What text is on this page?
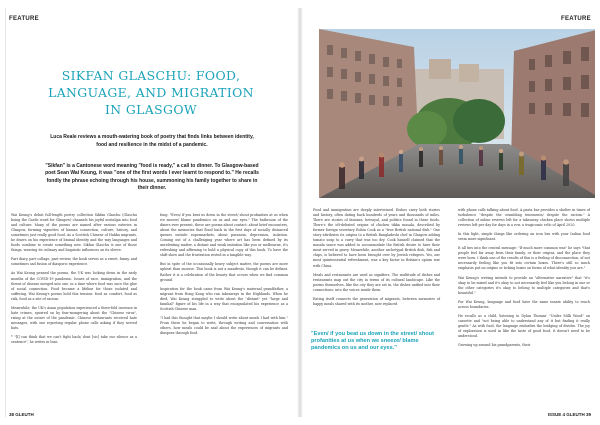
FEATURE
SIKFAN GLASCHU: FOOD,
LANGUAGE, AND MIGRATION
IN GLASGOW
Luca Reale reviews a mouth-watering book of poetry that finds links between identity, food and resilience in the midst of a pandemic.
"Sikfan" is a Cantonese word meaning "food is ready," a call to dinner. To Glasgow-based poet Sean Wai Keung, it was "one of the first words I ever learnt to respond to." He recalls fondly the phrase echoing through his house, summoning his family together to share in their dinner.

Wai Keung's debut full-length poetry collection Sikfan Glaschu (Glaschu being the Gaelic word for Glasgow) channels his joyful nostalgia into food and culture. Many of the poems are named after various eateries in Glasgow, forming vignettes of human connection, culture, history, and sometimes just really good food. As a Scottish Chinese of Hakka migrants, he draws on his experience of liminal identity and the way languages and foods combine to create something new. Sikfan Glaschu is one of those things, weaving its culinary and linguistic influences on its sleeve.

Part diary, part collage, part review, the book serves as a sweet, funny, and sometimes sad fusion of diasporic experience.

As Wai Keung penned the poems, the UK was locking down in the early months of the COVID-19 pandemic. Issues of race, immigration, and the threat of disease merged into one, in a time where food was once the glue of social connection. Food became a lifeline for those isolated and suffering. Wai Keung's poems hold this tension: food as comfort, food as risk, food as a site of racism.

Meanwhile, the UK's Asian population experienced a three-fold increase in hate crimes, spurred on by fear-mongering about the "Chinese virus", rising at the outset of the pandemic. Chinese restaurants received hate messages, with one reporting regular phone calls asking if they served bats.

* "[I] can think that we can't fight back/ dont [sic] take our silence as a sentence", he writes in lean

fong. "Even/ if you beat us down in the street/ shout profanities at us when we sneeze/ blame pandemics on us and our eyes." The bathroom of the diners ever present, these are poems about contact: about brief encounters, about the memories that flood back in the first days of socially distanced queues outside supermarkets, about paranoia, depression, isolation. Coming out of a challenging year where art has been defined by its unrelenting matter, a distant and weak imitation like you or melbourne, it's refreshing and affirming to hold a physical copy of this book. To have the shift show and the frustration rested in a tangible way.

But in spite of the occasionally heavy subject matter, the poems are more upbeat than morose. This book is not a manifesto, though it can be defiant. Rather it is a celebration of the beauty that occurs when we find common ground.

Inspiration for the book came from Wai Keung's maternal grandfather, a migrant from Hong Kong who ran takeaways in the Highlands. When he died, Wai Keung struggled to write about the "distant" yet "large and familial" figure of his life in a way that encapsulated his experience as a Scottish Chinese man.

"I had this thought that maybe I should write about meals I had with him." From there he began to write, through writing and conversation with others, how meals could be said about the experiences of migrants and diaspora through food.

38 GLEUTH
FEATURE

Food and immigration are deeply intertwined. Dishes carry both stories and history, often dating back hundreds of years and thousands of miles. There are stories of famines, betrayal, and politics found in these foods. There's the oft-debated origins of chicken tikka masala, described by former foreign secretary Robin Cook as a "true British national dish." One story attributes its origins to a British Bangladeshi chef in Glasgow adding tomato soup to a curry that was too dry. Cook himself claimed that the masala sauce was added to accommodate the British desire to have their meat served in gravy. Meanwhile, another archetypal British dish, fish and chips, is believed to have been brought over by Jewish refugees. Yes, our most quintessential refreshment, was a key factor in Britain's opium war with China.

Meals and restaurants are used as signifiers. The multitude of dishes and restaurants map out the city in terms of its cultural landscape. Like the poems themselves, like the city they are set in, the dishes unified into their connections: into the voices inside them.

Eating itself connects the generation of migrants, between memories of happy meals shared with its mother, now replaced

"Even/ if you beat us down in the street/ shout profanities at us when we sneeze/ blame pandemics on us and our eyes."

with phone calls talking about food. A pasta bar provides a shelter in times of turbulence "despite the crumbling tenements/ despite the racism." A collection of online reviews left for a takeaway chicken place shows multiple reviews left per day for days in a row, a tragicomic relic of April 2020.

In this light, simple things like ordering an iron bru with your Indian food seem more significant.

It all ties into the central message: "If much more common was" he says "that people feel far away from their family, or their origins, and the place they were born. I think one of the results of this is a feeling of disconnection, of not necessarily feeling like you fit into certain boxes. There's still so much emphasis put on origins or ticking boxes on forms of what identity you are."

Wai Keung's writing intends to provide an "alternative narrative" that "it's okay to be mixed and it's okay to not necessarily feel like you belong in one or the other categories it's okay to belong to multiple categories and that's beautiful."

For Wai Keung, language and food have the same innate ability to reach across boundaries.

He recalls as a child, listening to Dylan Thomas' "Under Milk Wood" on cassette and "not being able to understand any of it but finding it really gentle." As with food, the language embodies the bridging of divides. The joy of exploration is used in like the taste of good food, it doesn't need to be understood.

Growing up around his grandparents, their

ISSUE 4 GLEUTH 39
